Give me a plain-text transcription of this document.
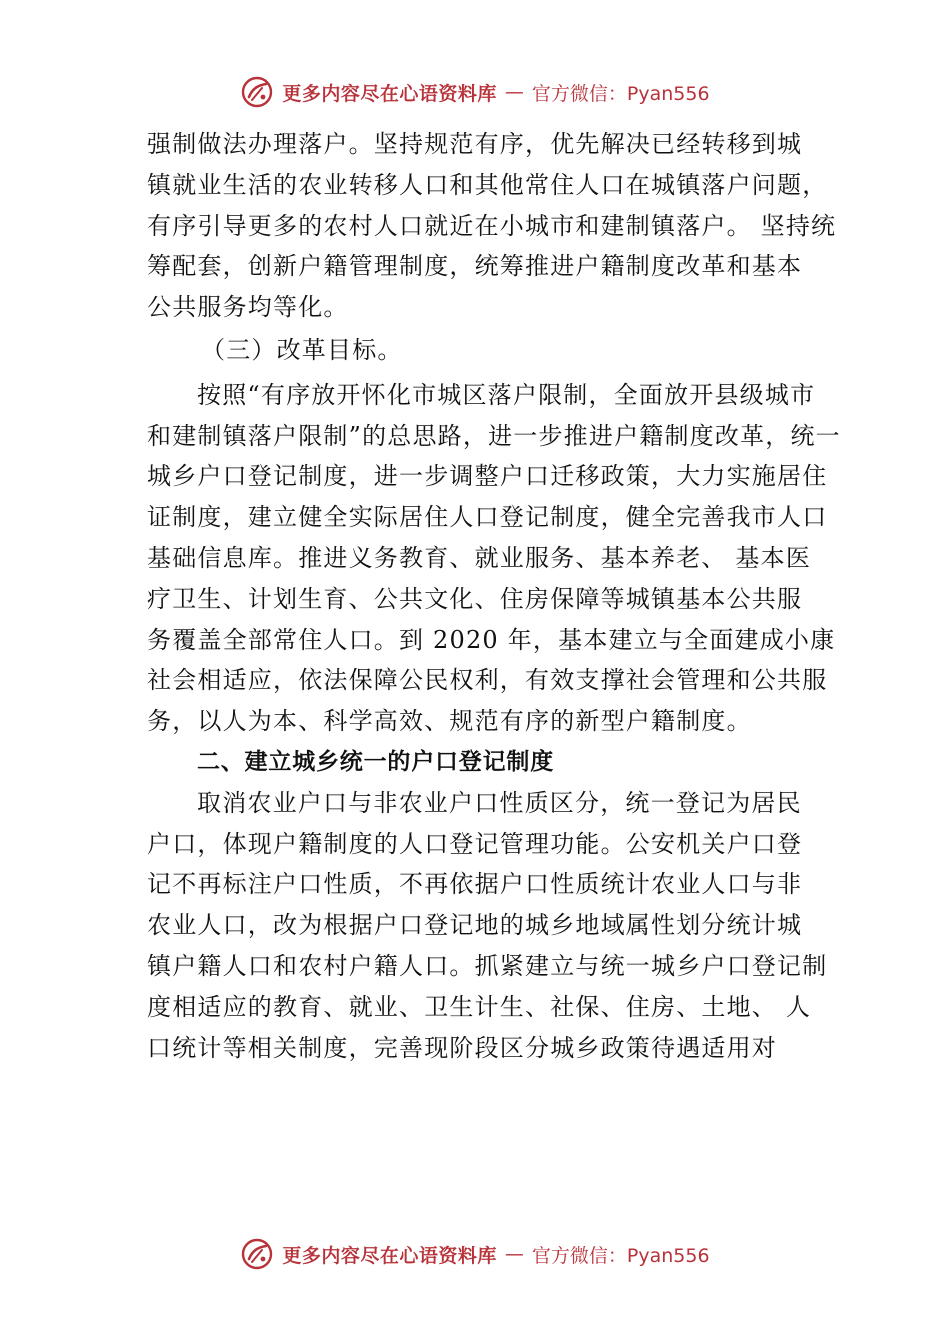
更多内容尽在心语资料库 — 官方微信：Pyan556
强制做法办理落户。坚持规范有序，优先解决已经转移到城
镇就业生活的农业转移人口和其他常住人口在城镇落户问题，
有序引导更多的农村人口就近在小城市和建制镇落户。 坚持统
筹配套，创新户籍管理制度，统筹推进户籍制度改革和基本
公共服务均等化。
（三）改革目标。
按照“有序放开怀化市城区落户限制，全面放开县级城市
和建制镇落户限制”的总思路，进一步推进户籍制度改革，统一
城乡户口登记制度，进一步调整户口迁移政策，大力实施居住
证制度，建立健全实际居住人口登记制度，健全完善我市人口
基础信息库。推进义务教育、就业服务、基本养老、 基本医
疗卫生、计划生育、公共文化、住房保障等城镇基本公共服
务覆盖全部常住人口。到 2020 年，基本建立与全面建成小康
社会相适应，依法保障公民权利，有效支撑社会管理和公共服
务，以人为本、科学高效、规范有序的新型户籍制度。
二、建立城乡统一的户口登记制度
取消农业户口与非农业户口性质区分，统一登记为居民
户口，体现户籍制度的人口登记管理功能。公安机关户口登
记不再标注户口性质，不再依据户口性质统计农业人口与非
农业人口，改为根据户口登记地的城乡地域属性划分统计城
镇户籍人口和农村户籍人口。抓紧建立与统一城乡户口登记制
度相适应的教育、就业、卫生计生、社保、住房、土地、 人
口统计等相关制度，完善现阶段区分城乡政策待遇适用对
更多内容尽在心语资料库 — 官方微信：Pyan556
